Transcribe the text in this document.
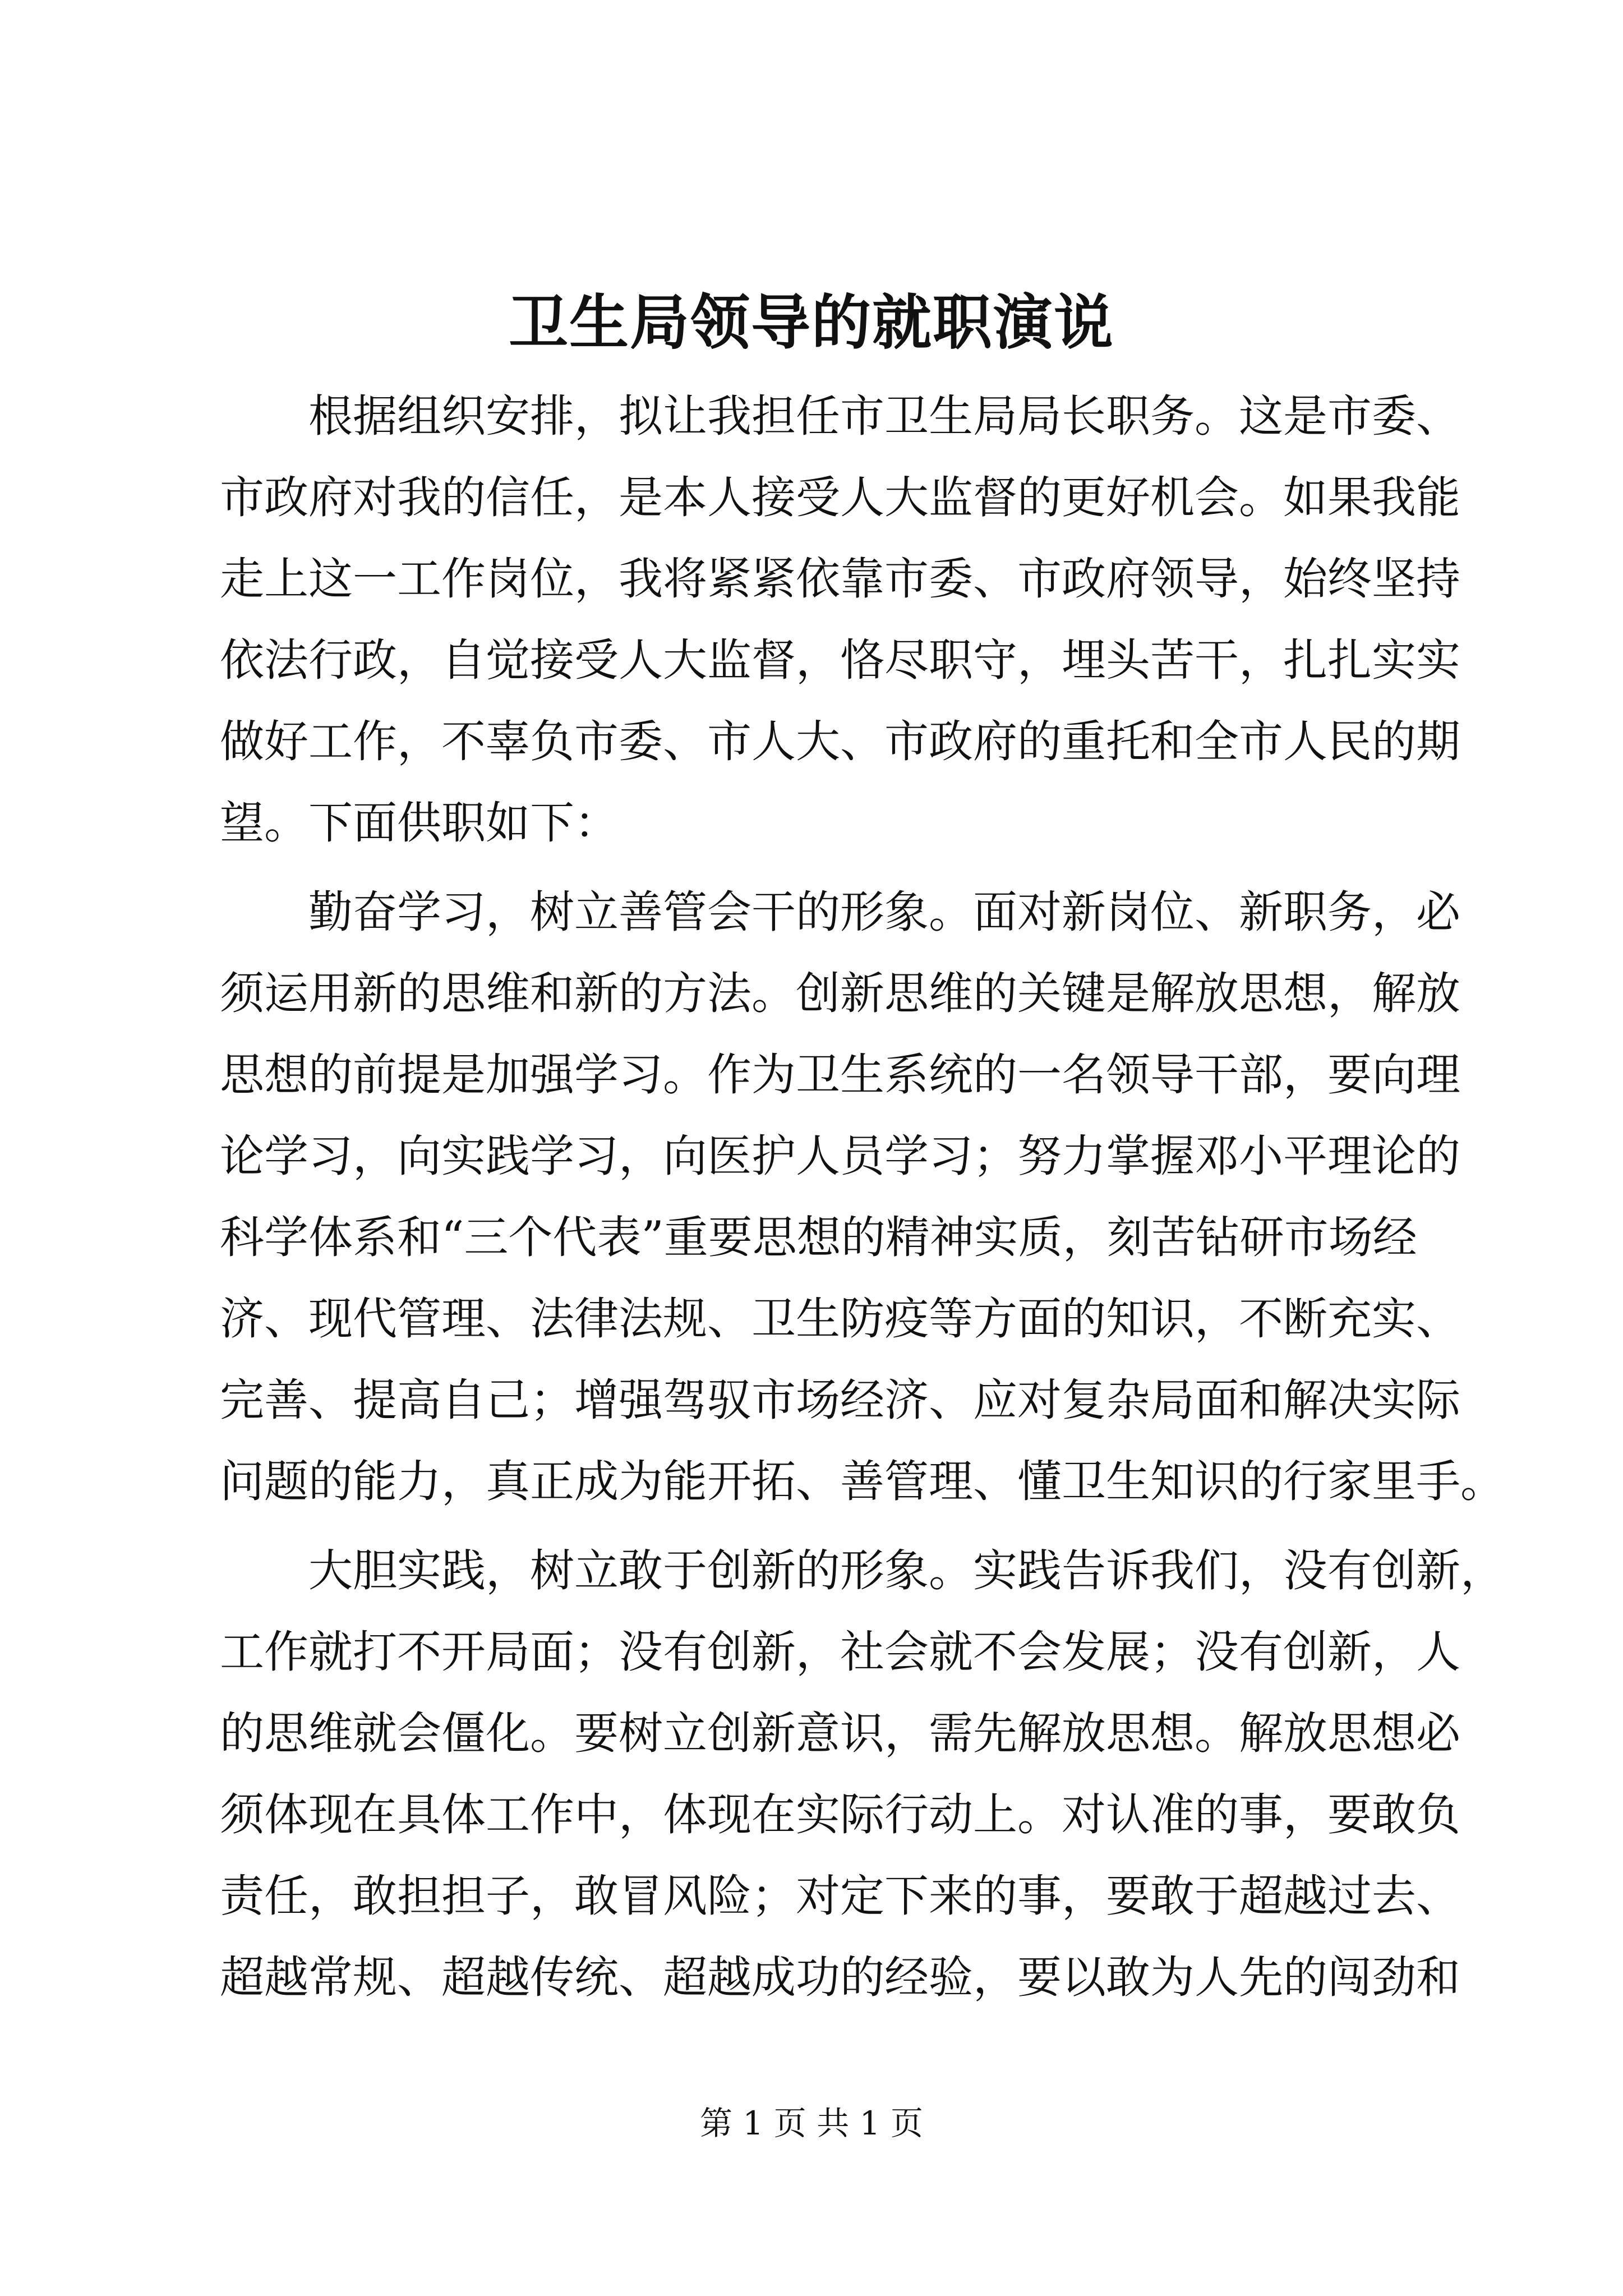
卫生局领导的就职演说
根据组织安排，拟让我担任市卫生局局长职务。这是市委、
市政府对我的信任，是本人接受人大监督的更好机会。如果我能
走上这一工作岗位，我将紧紧依靠市委、市政府领导，始终坚持
依法行政，自觉接受人大监督，恪尽职守，埋头苦干，扎扎实实
做好工作，不辜负市委、市人大、市政府的重托和全市人民的期
望。下面供职如下：
勤奋学习，树立善管会干的形象。面对新岗位、新职务，必
须运用新的思维和新的方法。创新思维的关键是解放思想，解放
思想的前提是加强学习。作为卫生系统的一名领导干部，要向理
论学习，向实践学习，向医护人员学习；努力掌握邓小平理论的
科学体系和“三个代表”重要思想的精神实质，刻苦钻研市场经
济、现代管理、法律法规、卫生防疫等方面的知识，不断充实、
完善、提高自己；增强驾驭市场经济、应对复杂局面和解决实际
问题的能力，真正成为能开拓、善管理、懂卫生知识的行家里手。
大胆实践，树立敢于创新的形象。实践告诉我们，没有创新，
工作就打不开局面；没有创新，社会就不会发展；没有创新，人
的思维就会僵化。要树立创新意识，需先解放思想。解放思想必
须体现在具体工作中，体现在实际行动上。对认准的事，要敢负
责任，敢担担子，敢冒风险；对定下来的事，要敢于超越过去、
超越常规、超越传统、超越成功的经验，要以敢为人先的闯劲和
第 1 页 共 1 页
